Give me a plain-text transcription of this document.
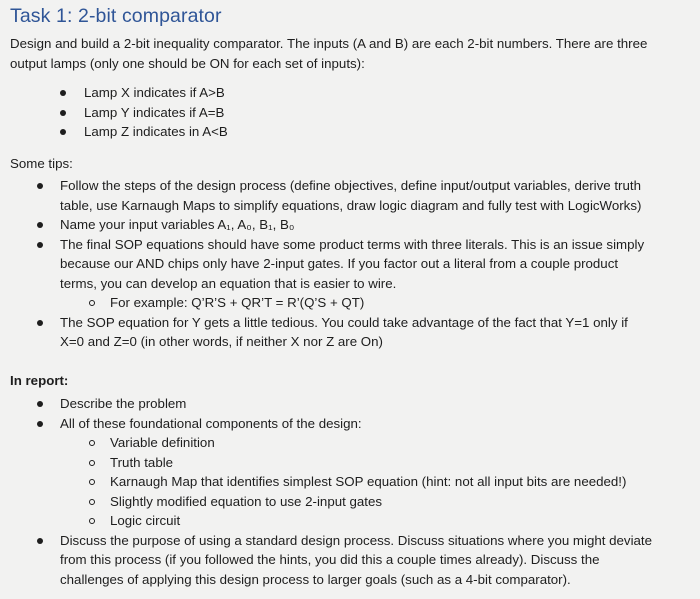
Task 1: 2-bit comparator
Design and build a 2-bit inequality comparator. The inputs (A and B) are each 2-bit numbers. There are three output lamps (only one should be ON for each set of inputs):
Lamp X indicates if A>B
Lamp Y indicates if A=B
Lamp Z indicates in A<B
Some tips:
Follow the steps of the design process (define objectives, define input/output variables, derive truth table, use Karnaugh Maps to simplify equations, draw logic diagram and fully test with LogicWorks)
Name your input variables A₁, A₀, B₁, B₀
The final SOP equations should have some product terms with three literals. This is an issue simply because our AND chips only have 2-input gates. If you factor out a literal from a couple product terms, you can develop an equation that is easier to wire.
For example: Q’R’S + QR’T = R’(Q’S + QT)
The SOP equation for Y gets a little tedious. You could take advantage of the fact that Y=1 only if X=0 and Z=0 (in other words, if neither X nor Z are On)
In report:
Describe the problem
All of these foundational components of the design:
Variable definition
Truth table
Karnaugh Map that identifies simplest SOP equation (hint: not all input bits are needed!)
Slightly modified equation to use 2-input gates
Logic circuit
Discuss the purpose of using a standard design process. Discuss situations where you might deviate from this process (if you followed the hints, you did this a couple times already). Discuss the challenges of applying this design process to larger goals (such as a 4-bit comparator).
